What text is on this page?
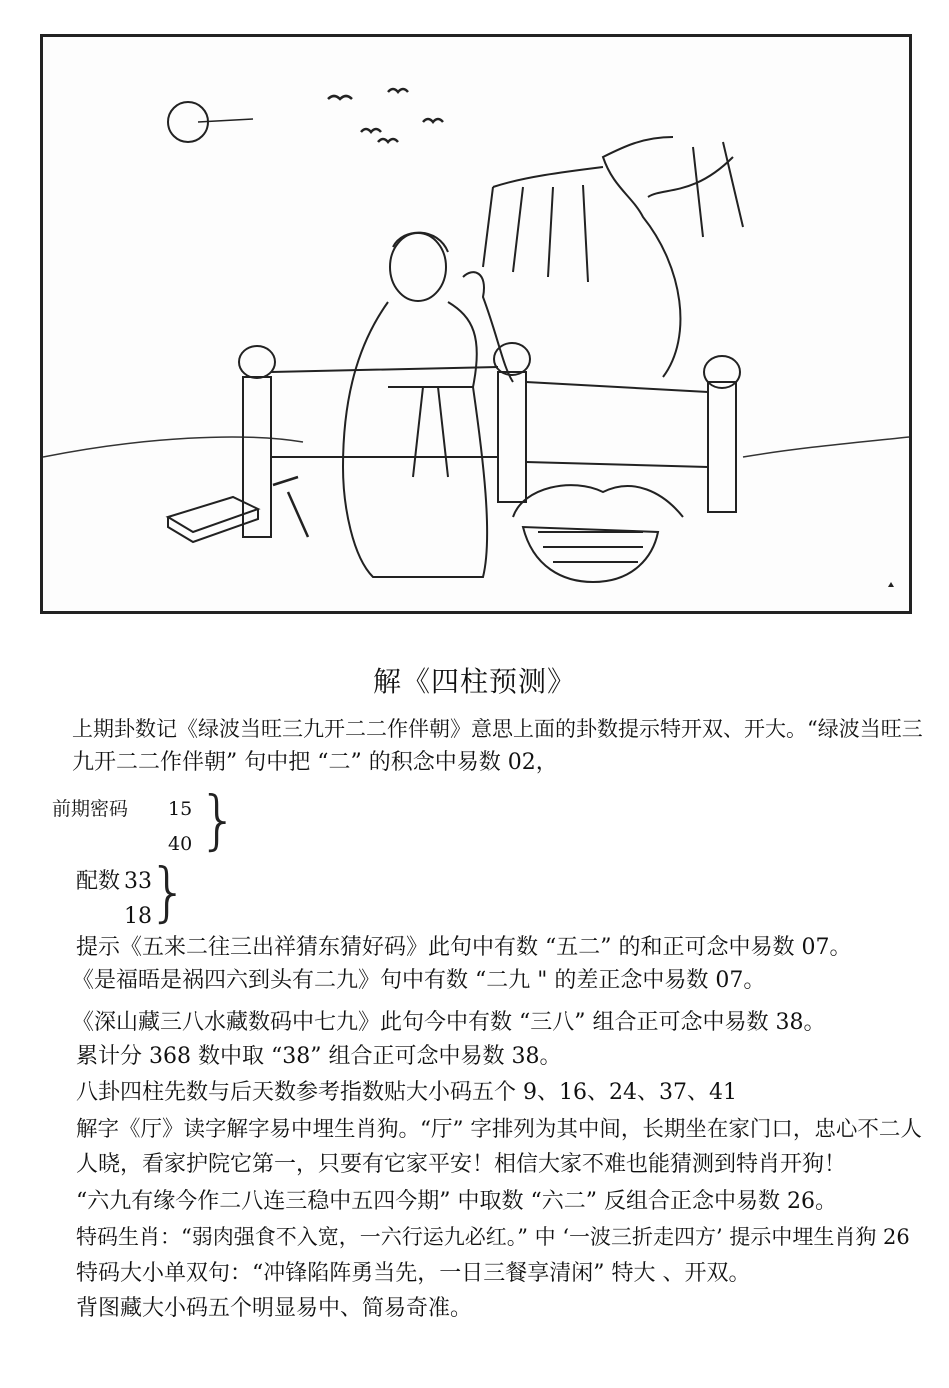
解《四柱预测》
上期卦数记《绿波当旺三九开二二作伴朝》意思上面的卦数提示特开双、开大。“绿波当旺三
九开二二作伴朝” 句中把 “二” 的积念中易数 02，
前期密码 15
40 }
配数 33
18
}
提示《五来二往三出祥猜东猜好码》此句中有数 “五二” 的和正可念中易数 07。
《是福晤是祸四六到头有二九》句中有数 “二九 " 的差正念中易数 07。
《深山藏三八水藏数码中七九》此句今中有数 “三八” 组合正可念中易数 38。
累计分 368 数中取 “38” 组合正可念中易数 38。
八卦四柱先数与后天数参考指数贴大小码五个 9、16、24、37、41
解字《厅》读字解字易中埋生肖狗。“厅” 字排列为其中间，长期坐在家门口，忠心不二人
人晓，看家护院它第一，只要有它家平安！相信大家不难也能猜测到特肖开狗！
“六九有缘今作二八连三稳中五四今期” 中取数 “六二” 反组合正念中易数 26。
特码生肖：“弱肉强食不入宽，一六行运九必红。” 中 ‘一波三折走四方’ 提示中埋生肖狗 26
特码大小单双句：“冲锋陷阵勇当先，一日三餐享清闲” 特大 、开双。
背图藏大小码五个明显易中、简易奇准。
